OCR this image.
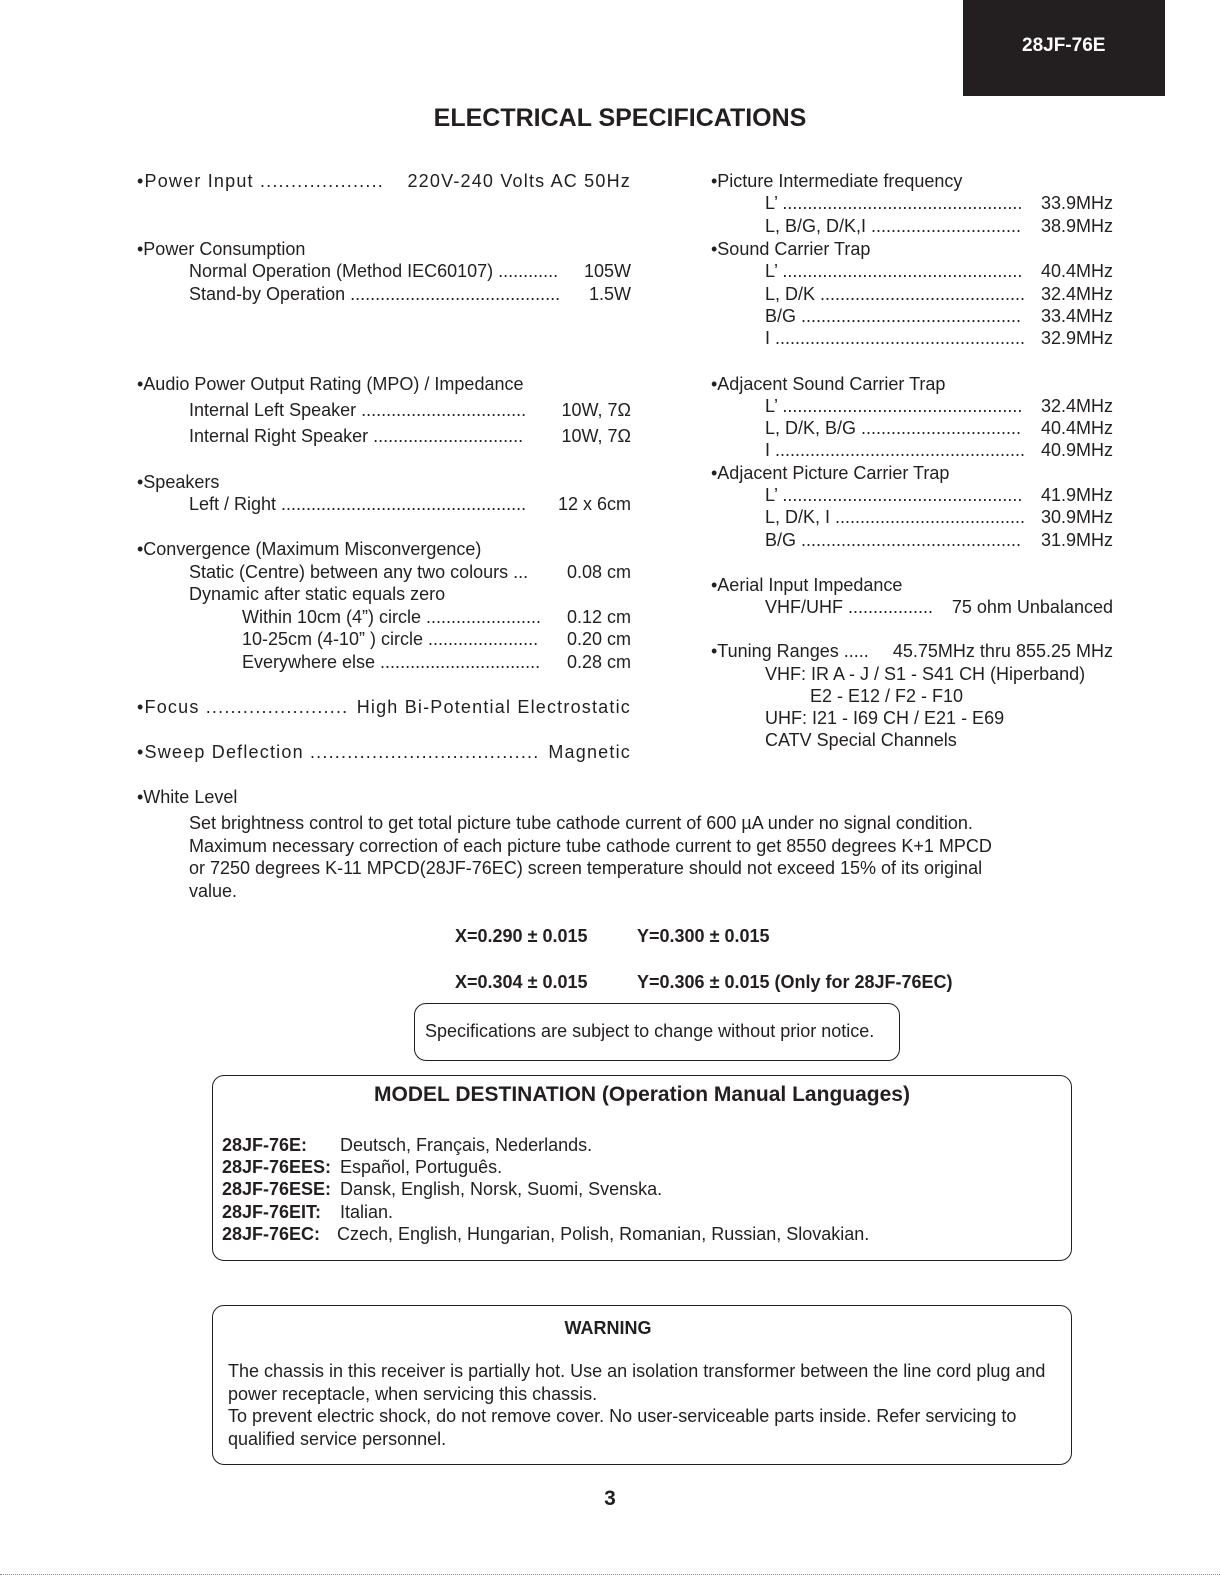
28JF-76E
ELECTRICAL SPECIFICATIONS
•Power Input .................... 220V-240 Volts AC 50Hz
•Power Consumption
Normal Operation (Method IEC60107) ............ 105W
Stand-by Operation .......................................... 1.5W
•Audio Power Output Rating (MPO) / Impedance
Internal Left Speaker ................................. 10W, 7Ω
Internal Right Speaker .............................. 10W, 7Ω
•Speakers
Left / Right ................................................. 12 x 6cm
•Convergence (Maximum Misconvergence)
Static (Centre) between any two colours ... 0.08 cm
Dynamic after static equals zero
Within 10cm (4”) circle ....................... 0.12 cm
10-25cm (4-10” ) circle ...................... 0.20 cm
Everywhere else ................................ 0.28 cm
•Focus ....................... High Bi-Potential Electrostatic
•Sweep Deflection ..................................... Magnetic
•Picture Intermediate frequency
L’ ................................................ 33.9MHz
L, B/G, D/K,I .............................. 38.9MHz
•Sound Carrier Trap
L’ ................................................ 40.4MHz
L, D/K ......................................... 32.4MHz
B/G ............................................ 33.4MHz
I .................................................. 32.9MHz
•Adjacent Sound Carrier Trap
L’ ................................................ 32.4MHz
L, D/K, B/G ................................ 40.4MHz
I .................................................. 40.9MHz
•Adjacent Picture Carrier Trap
L’ ................................................ 41.9MHz
L, D/K, I ...................................... 30.9MHz
B/G ............................................ 31.9MHz
•Aerial Input Impedance
VHF/UHF ................. 75 ohm Unbalanced
•Tuning Ranges ..... 45.75MHz thru 855.25 MHz
VHF: IR A - J / S1 - S41 CH (Hiperband)
E2 - E12 / F2 - F10
UHF: I21 - I69 CH / E21 - E69
CATV Special Channels
•White Level
Set brightness control to get total picture tube cathode current of 600 µA under no signal condition. Maximum necessary correction of each picture tube cathode current to get 8550 degrees K+1 MPCD or 7250 degrees K-11 MPCD(28JF-76EC) screen temperature should not exceed 15% of its original value.
X=0.290 ± 0.015	Y=0.300 ± 0.015
X=0.304 ± 0.015	Y=0.306 ± 0.015 (Only for 28JF-76EC)
Specifications are subject to change without prior notice.
MODEL DESTINATION (Operation Manual Languages)
28JF-76E: Deutsch, Français, Nederlands.
28JF-76EES: Español, Português.
28JF-76ESE: Dansk, English, Norsk, Suomi, Svenska.
28JF-76EIT: Italian.
28JF-76EC: Czech, English, Hungarian, Polish, Romanian, Russian, Slovakian.
WARNING
The chassis in this receiver is partially hot. Use an isolation transformer between the line cord plug and power receptacle, when servicing this chassis.
To prevent electric shock, do not remove cover. No user-serviceable parts inside. Refer servicing to qualified service personnel.
3
